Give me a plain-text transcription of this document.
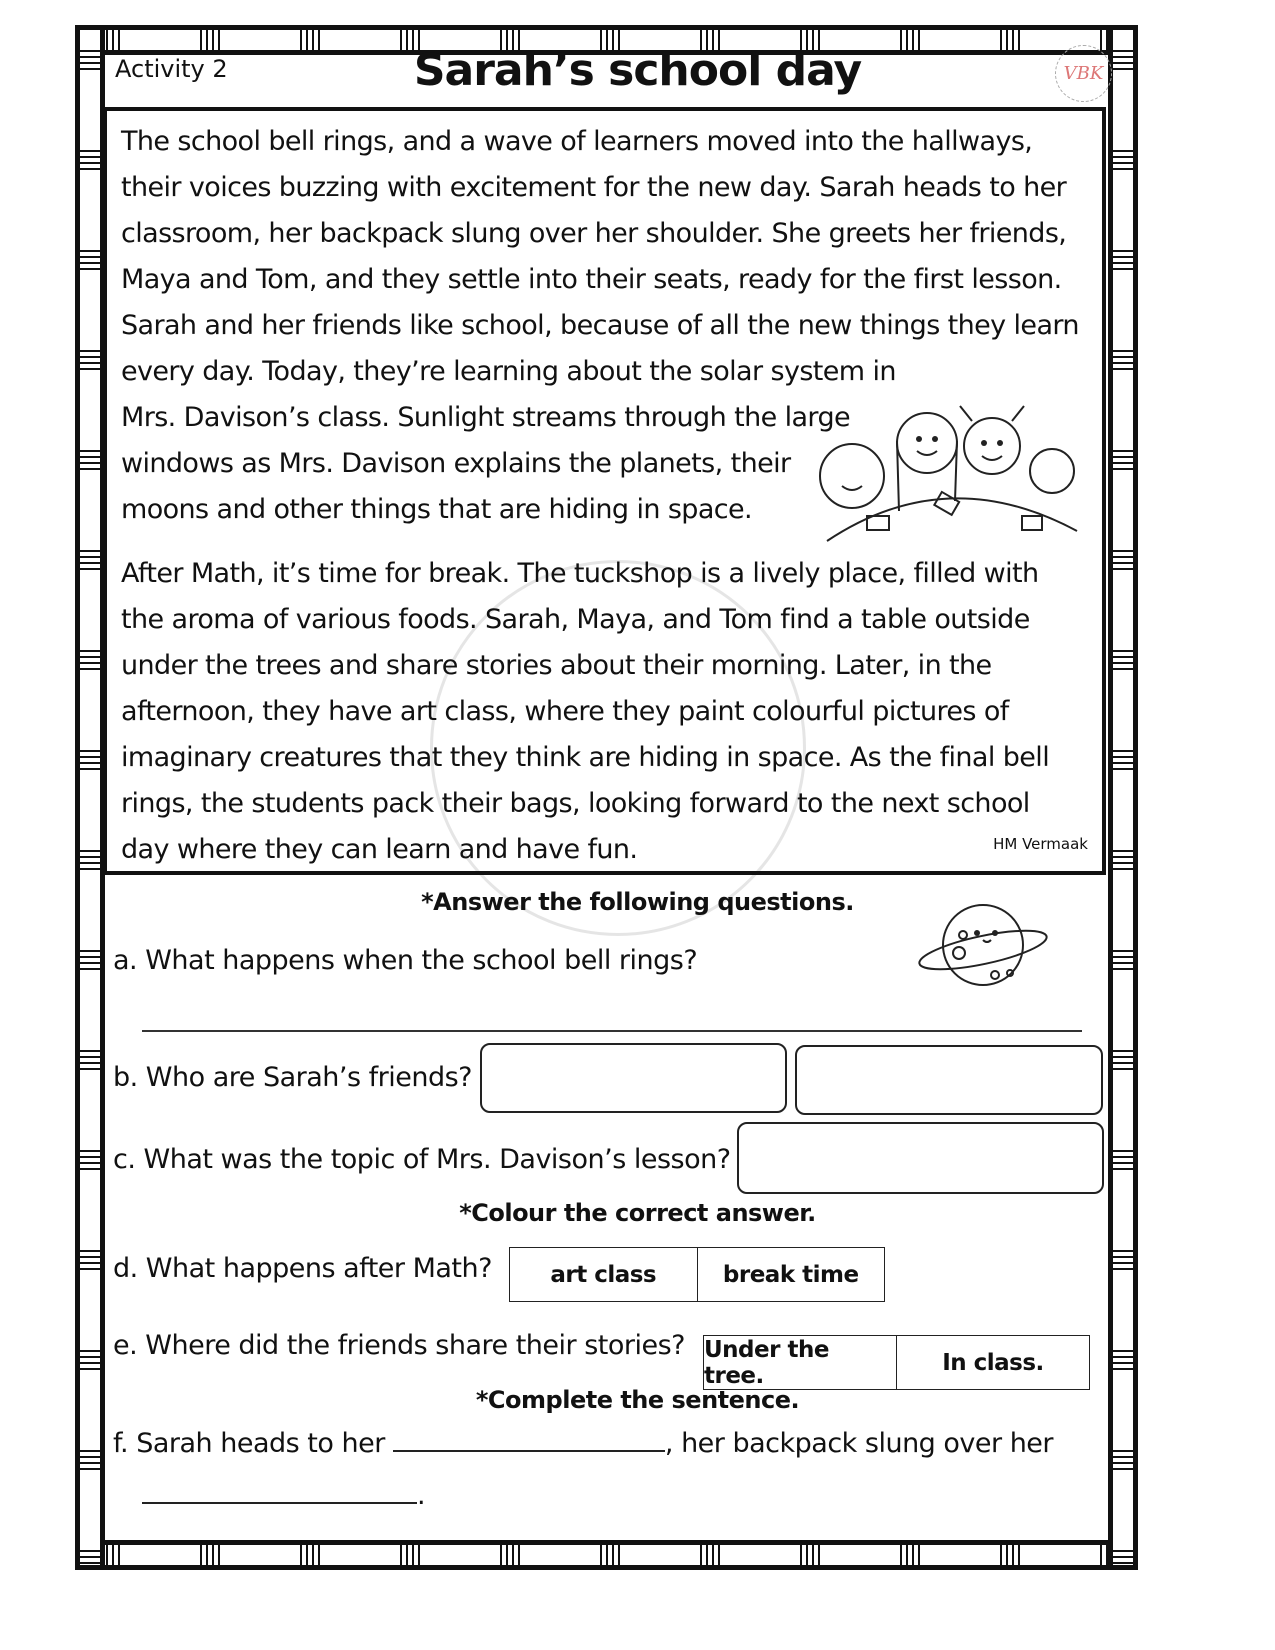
Activity 2	Sarah’s school day	VBK
The school bell rings, and a wave of learners moved into the hallways,
their voices buzzing with excitement for the new day. Sarah heads to her
classroom, her backpack slung over her shoulder. She greets her friends,
Maya and Tom, and they settle into their seats, ready for the first lesson.
Sarah and her friends like school, because of all the new things they learn
every day. Today, they’re learning about the solar system in
Mrs. Davison’s class. Sunlight streams through the large
windows as Mrs. Davison explains the planets, their
moons and other things that are hiding in space.
After Math, it’s time for break. The tuckshop is a lively place, filled with
the aroma of various foods. Sarah, Maya, and Tom find a table outside
under the trees and share stories about their morning. Later, in the
afternoon, they have art class, where they paint colourful pictures of
imaginary creatures that they think are hiding in space. As the final bell
rings, the students pack their bags, looking forward to the next school
day where they can learn and have fun.	HM Vermaak
*Answer the following questions.
a. What happens when the school bell rings?
b. Who are Sarah’s friends?
c. What was the topic of Mrs. Davison’s lesson?
*Colour the correct answer.
d. What happens after Math?	art class	break time
e. Where did the friends share their stories? Under the tree.	In class.
*Complete the sentence.
f. Sarah heads to her	, her backpack slung over her
.
